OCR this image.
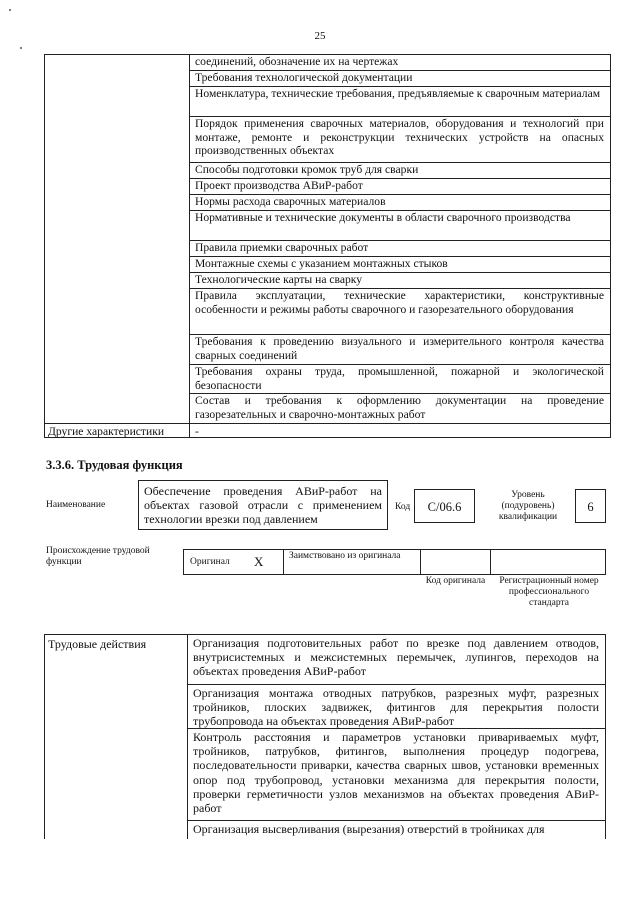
25
соединений, обозначение их на чертежах
Требования технологической документации
Номенклатура, технические требования, предъявляемые к сварочным материалам
Порядок применения сварочных материалов, оборудования и технологий при монтаже, ремонте и реконструкции технических устройств на опасных производственных объектах
Способы подготовки кромок труб для сварки
Проект производства АВиР-работ
Нормы расхода сварочных материалов
Нормативные и технические документы в области сварочного производства
Правила приемки сварочных работ
Монтажные схемы с указанием монтажных стыков
Технологические карты на сварку
Правила эксплуатации, технические характеристики, конструктивные особенности и режимы работы сварочного и газорезательного оборудования
Требования к проведению визуального и измерительного контроля качества сварных соединений
Требования охраны труда, промышленной, пожарной и экологической безопасности
Состав и требования к оформлению документации на проведение газорезательных и сварочно-монтажных работ
Другие характеристики	-
3.3.6. Трудовая функция
Наименование
Обеспечение проведения АВиР-работ на объектах газовой отрасли с применением технологии врезки под давлением
Код	C/06.6
Уровень (подуровень) квалификации
6
Происхождение трудовой функции	Оригинал X	Заимствовано из оригинала
Код оригинала	Регистрационный номер профессионального стандарта
Трудовые действия	Организация подготовительных работ по врезке под давлением отводов, внутрисистемных и межсистемных перемычек, лупингов, переходов на объектах проведения АВиР-работ
Организация монтажа отводных патрубков, разрезных муфт, разрезных тройников, плоских задвижек, фитингов для перекрытия полости трубопровода на объектах проведения АВиР-работ
Контроль расстояния и параметров установки привариваемых муфт, тройников, патрубков, фитингов, выполнения процедур подогрева, последовательности приварки, качества сварных швов, установки временных опор под трубопровод, установки механизма для перекрытия полости, проверки герметичности узлов механизмов на объектах проведения АВиР-работ
Организация высверливания (вырезания) отверстий в тройниках для
